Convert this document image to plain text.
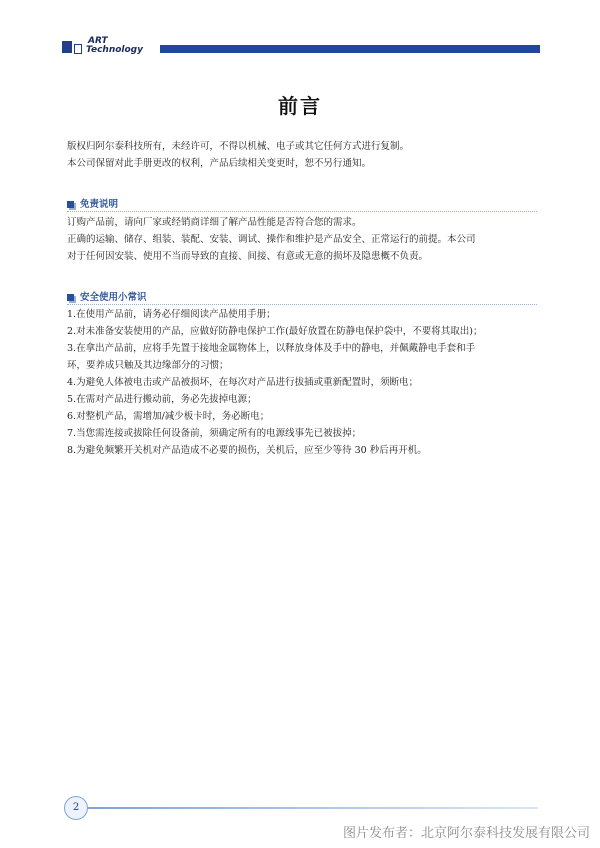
ART
Technology
前言
版权归阿尔泰科技所有，未经许可，不得以机械、电子或其它任何方式进行复制。
本公司保留对此手册更改的权利，产品后续相关变更时，恕不另行通知。
免责说明
订购产品前，请向厂家或经销商详细了解产品性能是否符合您的需求。
正确的运输、储存、组装、装配、安装、调试、操作和维护是产品安全、正常运行的前提。本公司
对于任何因安装、使用不当而导致的直接、间接、有意或无意的损坏及隐患概不负责。
安全使用小常识
1.在使用产品前，请务必仔细阅读产品使用手册；
2.对未准备安装使用的产品，应做好防静电保护工作(最好放置在防静电保护袋中，不要将其取出)；
3.在拿出产品前，应将手先置于接地金属物体上，以释放身体及手中的静电，并佩戴静电手套和手
环，要养成只触及其边缘部分的习惯；
4.为避免人体被电击或产品被损坏，在每次对产品进行拔插或重新配置时，须断电；
5.在需对产品进行搬动前，务必先拔掉电源；
6.对整机产品，需增加/减少板卡时，务必断电；
7.当您需连接或拔除任何设备前，须确定所有的电源线事先已被拔掉；
8.为避免频繁开关机对产品造成不必要的损伤，关机后，应至少等待 30 秒后再开机。
2
图片发布者：北京阿尔泰科技发展有限公司
